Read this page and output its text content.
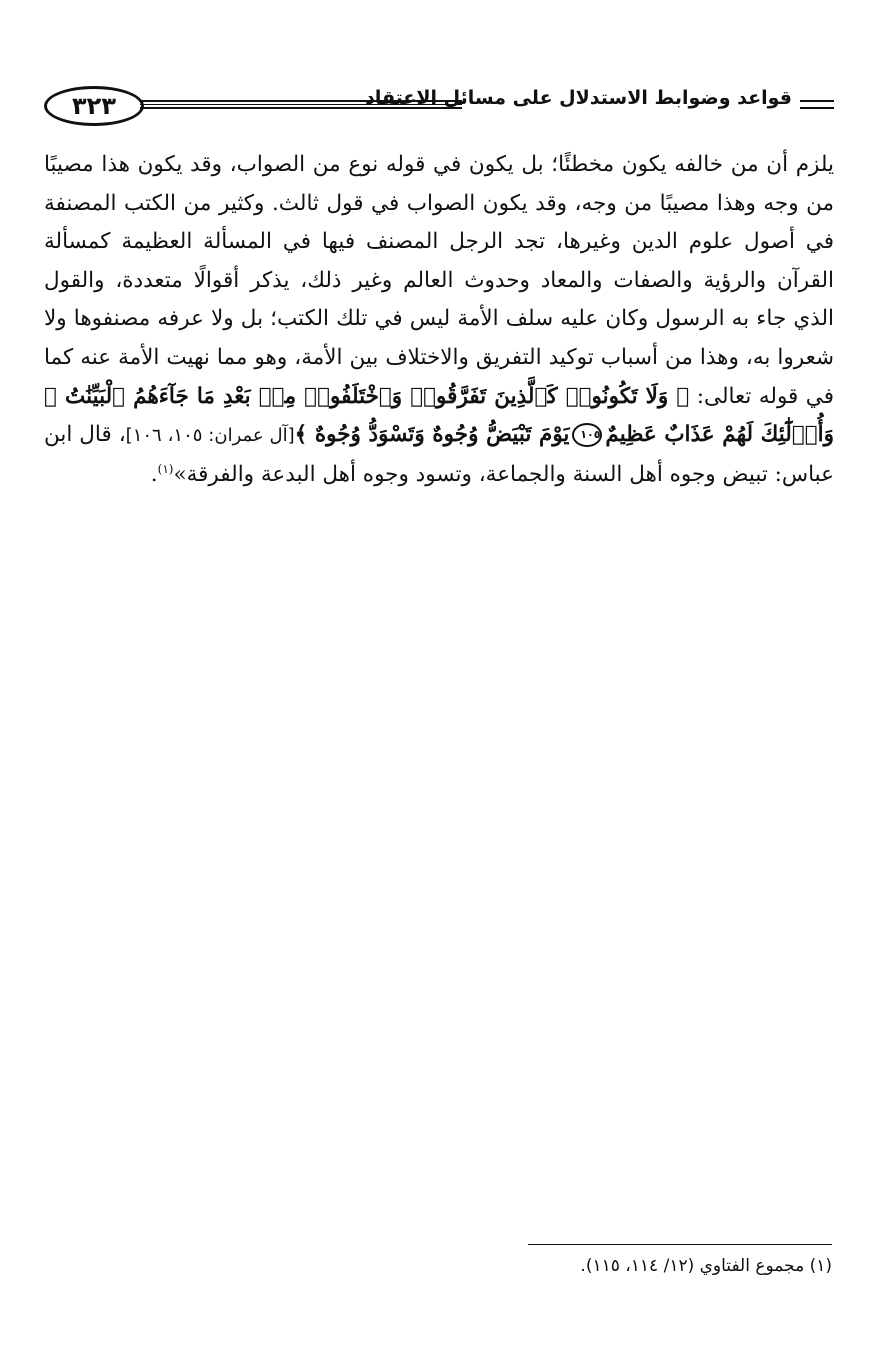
٣٢٣	قواعد وضوابط الاستدلال على مسائل الاعتقاد

يلزم أن من خالفه يكون مخطئًا؛ بل يكون في قوله نوع من الصواب، وقد يكون هذا مصيبًا من وجه وهذا مصيبًا من وجه، وقد يكون الصواب في قول ثالث. وكثير من الكتب المصنفة في أصول علوم الدين وغيرها، تجد الرجل المصنف فيها في المسألة العظيمة كمسألة القرآن والرؤية والصفات والمعاد وحدوث العالم وغير ذلك، يذكر أقوالًا متعددة، والقول الذي جاء به الرسول وكان عليه سلف الأمة ليس في تلك الكتب؛ بل ولا عرفه مصنفوها ولا شعروا به، وهذا من أسباب توكيد التفريق والاختلاف بين الأمة، وهو مما نهيت الأمة عنه كما في قوله تعالى: ﴿ وَلَا تَكُونُوا۟ كَٱلَّذِينَ تَفَرَّقُوا۟ وَٱخْتَلَفُوا۟ مِنۢ بَعْدِ مَا جَآءَهُمُ ٱلْبَيِّنَٰتُ ۚ وَأُو۟لَٰٓئِكَ لَهُمْ عَذَابٌ عَظِيمٌ١٠٥يَوْمَ تَبْيَضُّ وُجُوهٌ وَتَسْوَدُّ وُجُوهٌ ﴾[آل عمران: ١٠٥، ١٠٦]، قال ابن عباس: تبيض وجوه أهل السنة والجماعة، وتسود وجوه أهل البدعة والفرقة»$^{(١)}$.

(١) مجموع الفتاوي (١٢/ ١١٤، ١١٥).
